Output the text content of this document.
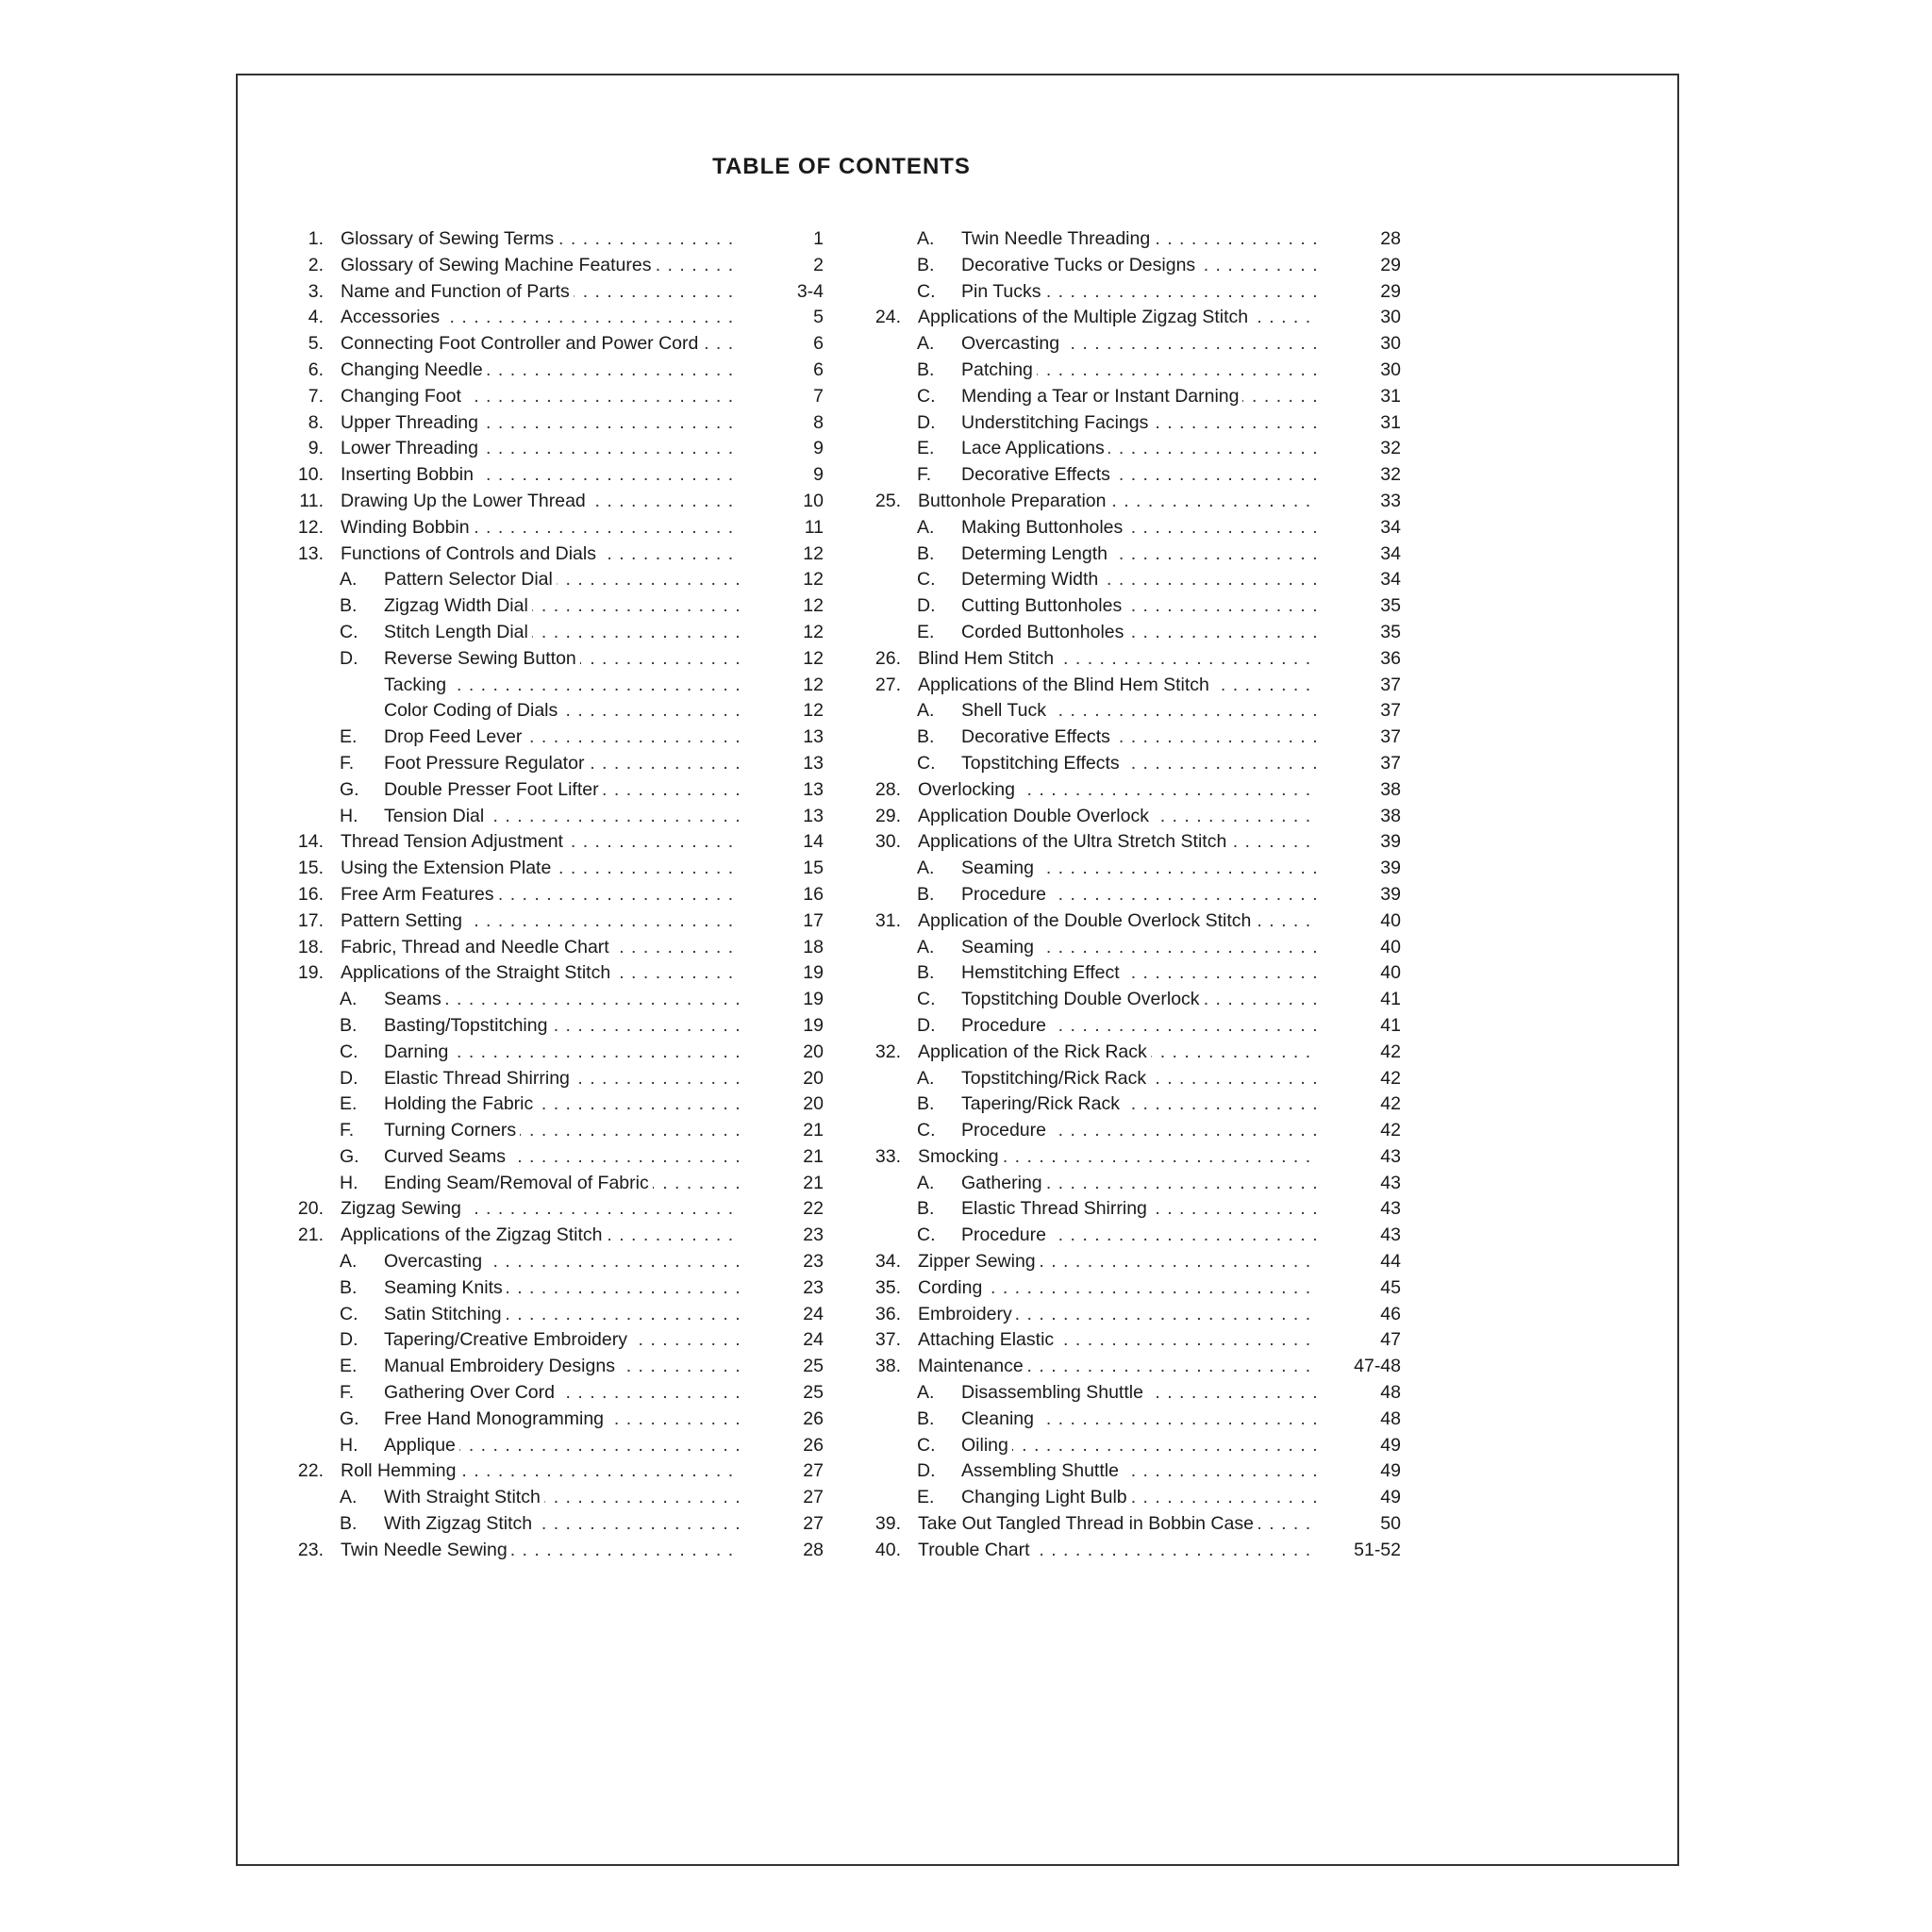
TABLE OF CONTENTS
1. Glossary of Sewing Terms . . .	1
2. Glossary of Sewing Machine Features . . .	2
3. Name and Function of Parts . . .	3-4
4. Accessories . . .	5
5. Connecting Foot Controller and Power Cord . . .	6
6. Changing Needle . . .	6
7. Changing Foot . . .	7
8. Upper Threading . . .	8
9. Lower Threading . . .	9
10. Inserting Bobbin . . .	9
11. Drawing Up the Lower Thread . . .	10
12. Winding Bobbin . . .	11
13. Functions of Controls and Dials . . .	12
A. Pattern Selector Dial . . .	12
B. Zigzag Width Dial . . .	12
C. Stitch Length Dial . . .	12
D. Reverse Sewing Button . . .	12
Tacking . . .	12
Color Coding of Dials . . .	12
E. Drop Feed Lever . . .	13
F. Foot Pressure Regulator . . .	13
G. Double Presser Foot Lifter . . .	13
H. Tension Dial . . .	13
14. Thread Tension Adjustment . . .	14
15. Using the Extension Plate . . .	15
16. Free Arm Features . . .	16
17. Pattern Setting . . .	17
18. Fabric, Thread and Needle Chart . . .	18
19. Applications of the Straight Stitch . . .	19
A. Seams . . .	19
B. Basting/Topstitching . . .	19
C. Darning . . .	20
D. Elastic Thread Shirring . . .	20
E. Holding the Fabric . . .	20
F. Turning Corners . . .	21
G. Curved Seams . . .	21
H. Ending Seam/Removal of Fabric . . .	21
20. Zigzag Sewing . . .	22
21. Applications of the Zigzag Stitch . . .	23
A. Overcasting . . .	23
B. Seaming Knits . . .	23
C. Satin Stitching . . .	24
D. Tapering/Creative Embroidery . . .	24
E. Manual Embroidery Designs . . .	25
F. Gathering Over Cord . . .	25
G. Free Hand Monogramming . . .	26
H. Applique . . .	26
22. Roll Hemming . . .	27
A. With Straight Stitch . . .	27
B. With Zigzag Stitch . . .	27
23. Twin Needle Sewing . . .	28
A. Twin Needle Threading . . .	28
B. Decorative Tucks or Designs . . .	29
C. Pin Tucks . . .	29
24. Applications of the Multiple Zigzag Stitch . . .	30
A. Overcasting . . .	30
B. Patching . . .	30
C. Mending a Tear or Instant Darning . . .	31
D. Understitching Facings . . .	31
E. Lace Applications . . .	32
F. Decorative Effects . . .	32
25. Buttonhole Preparation . . .	33
A. Making Buttonholes . . .	34
B. Determing Length . . .	34
C. Determing Width . . .	34
D. Cutting Buttonholes . . .	35
E. Corded Buttonholes . . .	35
26. Blind Hem Stitch . . .	36
27. Applications of the Blind Hem Stitch . . .	37
A. Shell Tuck . . .	37
B. Decorative Effects . . .	37
C. Topstitching Effects . . .	37
28. Overlocking . . .	38
29. Application Double Overlock . . .	38
30. Applications of the Ultra Stretch Stitch . . .	39
A. Seaming . . .	39
B. Procedure . . .	39
31. Application of the Double Overlock Stitch . . .	40
A. Seaming . . .	40
B. Hemstitching Effect . . .	40
C. Topstitching Double Overlock . . .	41
D. Procedure . . .	41
32. Application of the Rick Rack . . .	42
A. Topstitching/Rick Rack . . .	42
B. Tapering/Rick Rack . . .	42
C. Procedure . . .	42
33. Smocking . . .	43
A. Gathering . . .	43
B. Elastic Thread Shirring . . .	43
C. Procedure . . .	43
34. Zipper Sewing . . .	44
35. Cording . . .	45
36. Embroidery . . .	46
37. Attaching Elastic . . .	47
38. Maintenance . . .	47-48
A. Disassembling Shuttle . . .	48
B. Cleaning . . .	48
C. Oiling . . .	49
D. Assembling Shuttle . . .	49
E. Changing Light Bulb . . .	49
39. Take Out Tangled Thread in Bobbin Case . . .	50
40. Trouble Chart . . .	51-52
